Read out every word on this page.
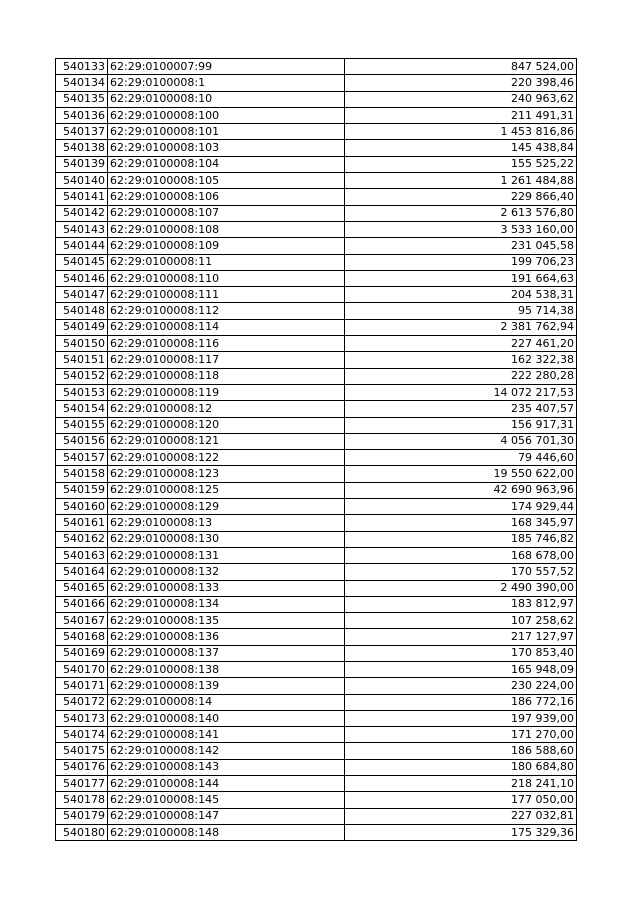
540133	62:29:0100007:99	847 524,00
540134	62:29:0100008:1	220 398,46
540135	62:29:0100008:10	240 963,62
540136	62:29:0100008:100	211 491,31
540137	62:29:0100008:101	1 453 816,86
540138	62:29:0100008:103	145 438,84
540139	62:29:0100008:104	155 525,22
540140	62:29:0100008:105	1 261 484,88
540141	62:29:0100008:106	229 866,40
540142	62:29:0100008:107	2 613 576,80
540143	62:29:0100008:108	3 533 160,00
540144	62:29:0100008:109	231 045,58
540145	62:29:0100008:11	199 706,23
540146	62:29:0100008:110	191 664,63
540147	62:29:0100008:111	204 538,31
540148	62:29:0100008:112	95 714,38
540149	62:29:0100008:114	2 381 762,94
540150	62:29:0100008:116	227 461,20
540151	62:29:0100008:117	162 322,38
540152	62:29:0100008:118	222 280,28
540153	62:29:0100008:119	14 072 217,53
540154	62:29:0100008:12	235 407,57
540155	62:29:0100008:120	156 917,31
540156	62:29:0100008:121	4 056 701,30
540157	62:29:0100008:122	79 446,60
540158	62:29:0100008:123	19 550 622,00
540159	62:29:0100008:125	42 690 963,96
540160	62:29:0100008:129	174 929,44
540161	62:29:0100008:13	168 345,97
540162	62:29:0100008:130	185 746,82
540163	62:29:0100008:131	168 678,00
540164	62:29:0100008:132	170 557,52
540165	62:29:0100008:133	2 490 390,00
540166	62:29:0100008:134	183 812,97
540167	62:29:0100008:135	107 258,62
540168	62:29:0100008:136	217 127,97
540169	62:29:0100008:137	170 853,40
540170	62:29:0100008:138	165 948,09
540171	62:29:0100008:139	230 224,00
540172	62:29:0100008:14	186 772,16
540173	62:29:0100008:140	197 939,00
540174	62:29:0100008:141	171 270,00
540175	62:29:0100008:142	186 588,60
540176	62:29:0100008:143	180 684,80
540177	62:29:0100008:144	218 241,10
540178	62:29:0100008:145	177 050,00
540179	62:29:0100008:147	227 032,81
540180	62:29:0100008:148	175 329,36
